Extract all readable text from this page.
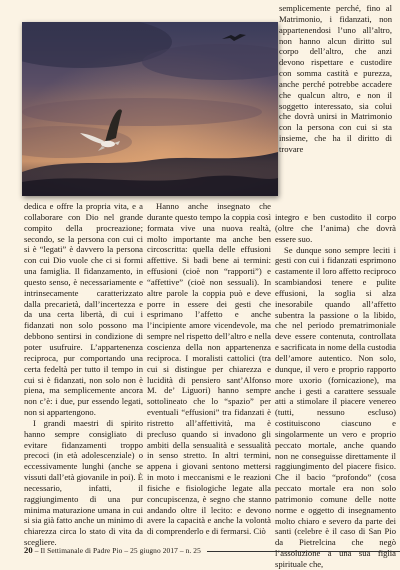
dedica e offre la propria vita, e a collaborare con Dio nel grande compito della procreazione; secondo, se la persona con cui ci si è “legati” è davvero la persona con cui Dio vuole che ci si formi una famiglia. Il fidanzamento, in questo senso, è necessariamente e intrinsecamente caratterizzato dalla precarietà, dall’incertezza e da una certa libertà, di cui i fidanzati non solo possono ma debbono sentirsi in condizione di poter usufruire. L’appartenenza reciproca, pur comportando una certa fedeltà per tutto il tempo in cui si è fidanzati, non solo non è piena, ma semplicemente ancora non c’è: i due, pur essendo legati, non si appartengono.

I grandi maestri di spirito hanno sempre consigliato di evitare fidanzamenti troppo precoci (in età adolescenziale) o eccessivamente lunghi (anche se vissuti dall’età giovanile in poi). È necessario, infatti, il raggiungimento di una pur minima maturazione umana in cui si sia già fatto anche un minimo di chiarezza circa lo stato di vita da scegliere.

Hanno anche insegnato che durante questo tempo la coppia così formata vive una nuova realtà, molto importante ma anche ben circoscritta: quella delle effusioni affettive. Si badi bene ai termini: effusioni (cioè non “rapporti”) e “affettive” (cioè non sessuali). In altre parole la coppia può e deve porre in essere dei gesti che esprimano l’affetto e anche l’incipiente amore vicendevole, ma sempre nel rispetto dell’altro e nella coscienza della non appartenenza reciproca. I moralisti cattolici (tra cui si distingue per chiarezza e lucidità di pensiero sant’Alfonso M. de’ Liguori) hanno sempre sottolineato che lo “spazio” per eventuali “effusioni” tra fidanzati è ristretto all’affettività, ma è precluso quando si invadono gli ambiti della sensualità e sessualità in senso stretto. In altri termini, appena i giovani sentono mettersi in moto i meccanismi e le reazioni fisiche e fisiologiche legate alla concupiscenza, è segno che stanno andando oltre il lecito: e devono avere la capacità e anche la volontà di comprenderlo e di fermarsi. Ciò

semplicemente perché, fino al Matrimonio, i fidanzati, non appartenendosi l’uno all’altro, non hanno alcun diritto sul corpo dell’altro, che anzi devono rispettare e custodire con somma castità e purezza, anche perché potrebbe accadere che qualcun altro, e non il soggetto interessato, sia colui che dovrà unirsi in Matrimonio con la persona con cui si sta insieme, che ha il diritto di trovare

integro e ben custodito il corpo (oltre che l’anima) che dovrà essere suo.

Se dunque sono sempre leciti i gesti con cui i fidanzati esprimono castamente il loro affetto reciproco scambiandosi tenere e pulite effusioni, la soglia si alza inesorabile quando all’affetto subentra la passione o la libido, che nel periodo prematrimoniale deve essere contenuta, controllata e sacrificata in nome della custodia dell’amore autentico. Non solo, dunque, il vero e proprio rapporto more uxorio (fornicazione), ma anche i gesti a carattere sessuale atti a stimolare il piacere venereo (tutti, nessuno escluso) costituiscono ciascuno e singolarmente un vero e proprio peccato mortale, anche quando non ne conseguisse direttamente il raggiungimento del piacere fisico. Che il bacio “profondo” (cosa peccato mortale era non solo patrimonio comune delle notte norme e oggetto di insegnamento molto chiaro e severo da parte dei santi (celebre è il caso di San Pio da Pietrelcina che negò l’assoluzione a una sua figlia spirituale che,

20 – Il Settimanale di Padre Pio – 25 giugno 2017 – n. 25
